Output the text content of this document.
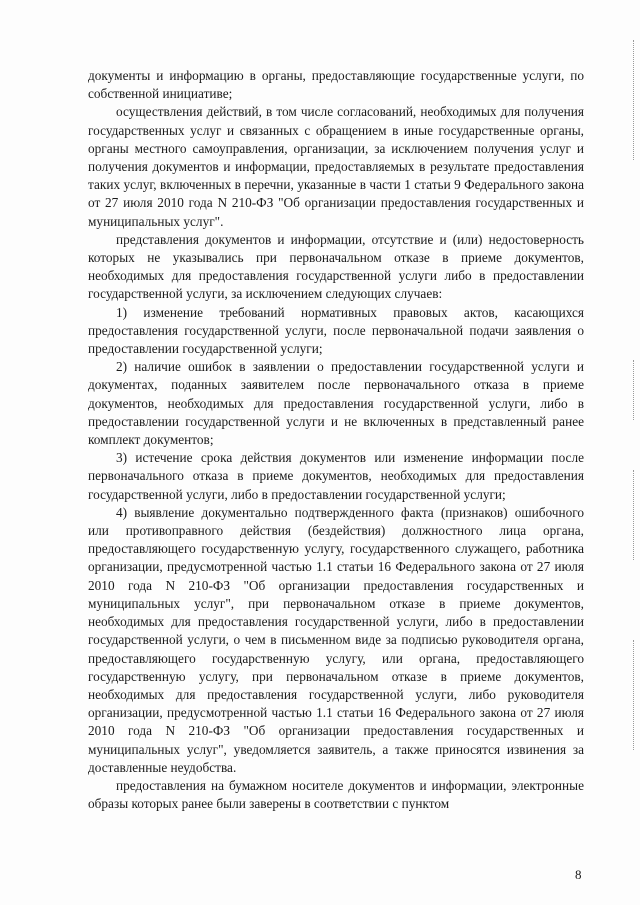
документы и информацию в органы, предоставляющие государственные услуги, по собственной инициативе;

осуществления действий, в том числе согласований, необходимых для получения государственных услуг и связанных с обращением в иные государственные органы, органы местного самоуправления, организации, за исключением получения услуг и получения документов и информации, предоставляемых в результате предоставления таких услуг, включенных в перечни, указанные в части 1 статьи 9 Федерального закона от 27 июля 2010 года N 210-ФЗ "Об организации предоставления государственных и муниципальных услуг".

представления документов и информации, отсутствие и (или) недостоверность которых не указывались при первоначальном отказе в приеме документов, необходимых для предоставления государственной услуги либо в предоставлении государственной услуги, за исключением следующих случаев:

1) изменение требований нормативных правовых актов, касающихся предоставления государственной услуги, после первоначальной подачи заявления о предоставлении государственной услуги;

2) наличие ошибок в заявлении о предоставлении государственной услуги и документах, поданных заявителем после первоначального отказа в приеме документов, необходимых для предоставления государственной услуги, либо в предоставлении государственной услуги и не включенных в представленный ранее комплект документов;

3) истечение срока действия документов или изменение информации после первоначального отказа в приеме документов, необходимых для предоставления государственной услуги, либо в предоставлении государственной услуги;

4) выявление документально подтвержденного факта (признаков) ошибочного или противоправного действия (бездействия) должностного лица органа, предоставляющего государственную услугу, государственного служащего, работника организации, предусмотренной частью 1.1 статьи 16 Федерального закона от 27 июля 2010 года N 210-ФЗ "Об организации предоставления государственных и муниципальных услуг", при первоначальном отказе в приеме документов, необходимых для предоставления государственной услуги, либо в предоставлении государственной услуги, о чем в письменном виде за подписью руководителя органа, предоставляющего государственную услугу, или органа, предоставляющего государственную услугу, при первоначальном отказе в приеме документов, необходимых для предоставления государственной услуги, либо руководителя организации, предусмотренной частью 1.1 статьи 16 Федерального закона от 27 июля 2010 года N 210-ФЗ "Об организации предоставления государственных и муниципальных услуг", уведомляется заявитель, а также приносятся извинения за доставленные неудобства.

предоставления на бумажном носителе документов и информации, электронные образы которых ранее были заверены в соответствии с пунктом

8
